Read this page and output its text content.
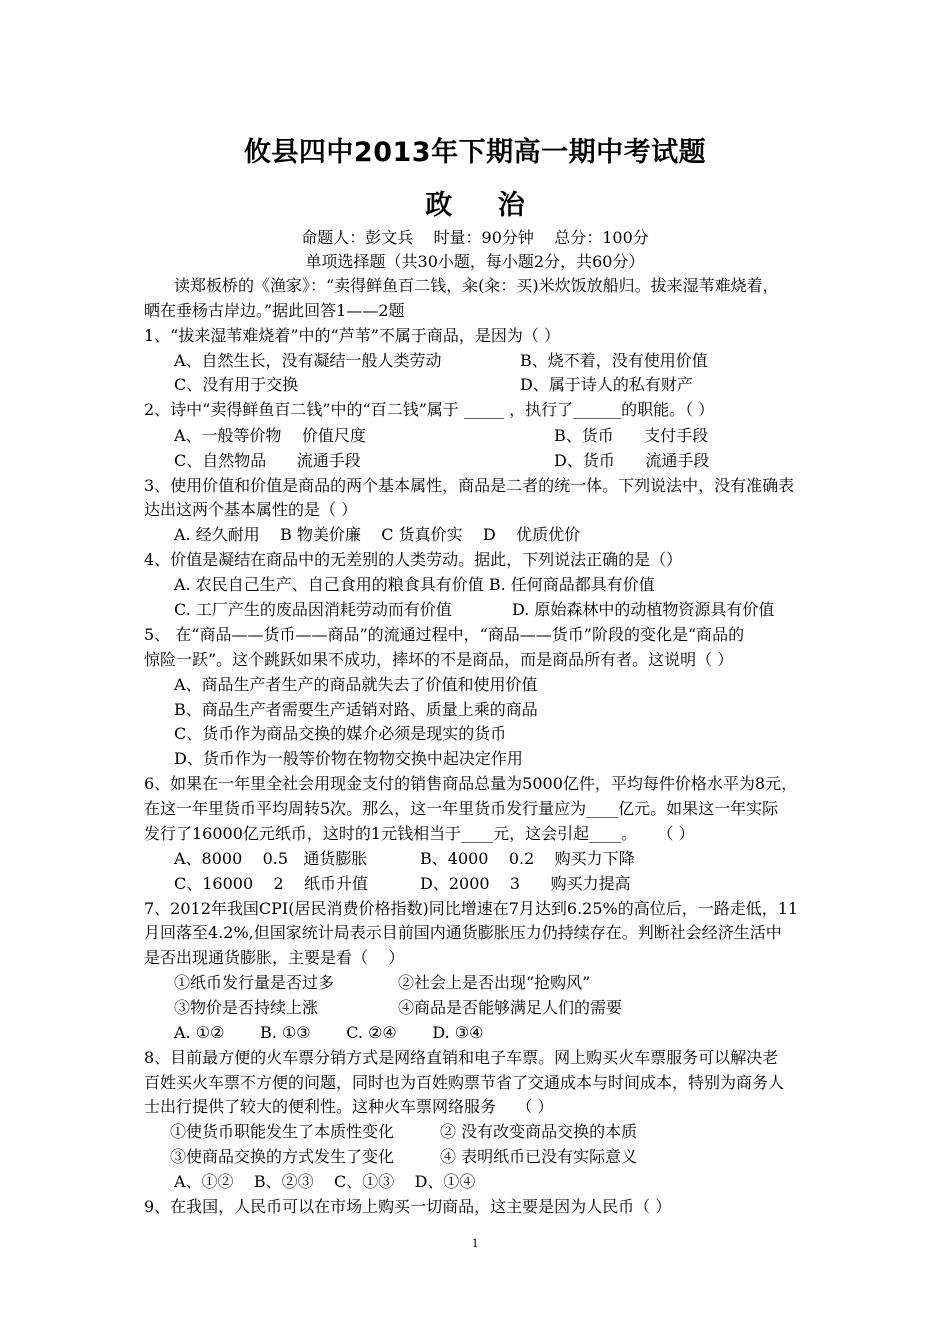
攸县四中2013年下期高一期中考试题
政 治
命题人：彭文兵    时量：90分钟    总分：100分
单项选择题（共30小题，每小题2分，共60分）
读郑板桥的《渔家》：“卖得鲜鱼百二钱，籴(籴：买)米炊饭放船归。拔来湿苇难烧着，
晒在垂杨古岸边。”据此回答1——2题
1、“拔来湿苇难烧着”中的“芦苇”不属于商品，是因为（ ）
A、自然生长，没有凝结一般人类劳动	B、烧不着，没有使用价值
C、没有用于交换	D、属于诗人的私有财产
2、诗中“卖得鲜鱼百二钱”中的“百二钱”属于 _____ ，执行了______的职能。（ ）
A、一般等价物    价值尺度	B、货币      支付手段
C、自然物品      流通手段	D、货币      流通手段
3、使用价值和价值是商品的两个基本属性，商品是二者的统一体。下列说法中，没有准确表
达出这两个基本属性的是（ ）
A. 经久耐用    B 物美价廉    C 货真价实    D    优质优价
4、价值是凝结在商品中的无差别的人类劳动。据此，下列说法正确的是（）
A. 农民自己生产、自己食用的粮食具有价值 B. 任何商品都具有价值
C. 工厂产生的废品因消耗劳动而有价值	D. 原始森林中的动植物资源具有价值
5、 在“商品——货币——商品”的流通过程中，“商品——货币”阶段的变化是“商品的
惊险一跃”。这个跳跃如果不成功，摔坏的不是商品，而是商品所有者。这说明（ ）
A、商品生产者生产的商品就失去了价值和使用价值
B、商品生产者需要生产适销对路、质量上乘的商品
C、货币作为商品交换的媒介必须是现实的货币
D、货币作为一般等价物在物物交换中起决定作用
6、如果在一年里全社会用现金支付的销售商品总量为5000亿件，平均每件价格水平为8元，
在这一年里货币平均周转5次。那么，这一年里货币发行量应为____亿元。如果这一年实际
发行了16000亿元纸币，这时的1元钱相当于____元，这会引起____。    （ ）
A、8000    0.5   通货膨胀	B、4000    0.2    购买力下降
C、16000    2    纸币升值	D、2000    3      购买力提高
7、2012年我国CPI(居民消费价格指数)同比增速在7月达到6.25%的高位后，一路走低，11
月回落至4.2%,但国家统计局表示目前国内通货膨胀压力仍持续存在。判断社会经济生活中
是否出现通货膨胀，主要是看（    ）
①纸币发行量是否过多	②社会上是否出现“抢购风”
③物价是否持续上涨	④商品是否能够满足人们的需要
A. ①②       B. ①③       C. ②④       D. ③④
8、目前最方便的火车票分销方式是网络直销和电子车票。网上购买火车票服务可以解决老
百姓买火车票不方便的问题，同时也为百姓购票节省了交通成本与时间成本，特别为商务人
士出行提供了较大的便利性。这种火车票网络服务    （ ）
①使货币职能发生了本质性变化	② 没有改变商品交换的本质
③使商品交换的方式发生了变化	④ 表明纸币已没有实际意义
A、①②    B、②③    C、①③    D、①④
9、在我国，人民币可以在市场上购买一切商品，这主要是因为人民币（ ）
1
